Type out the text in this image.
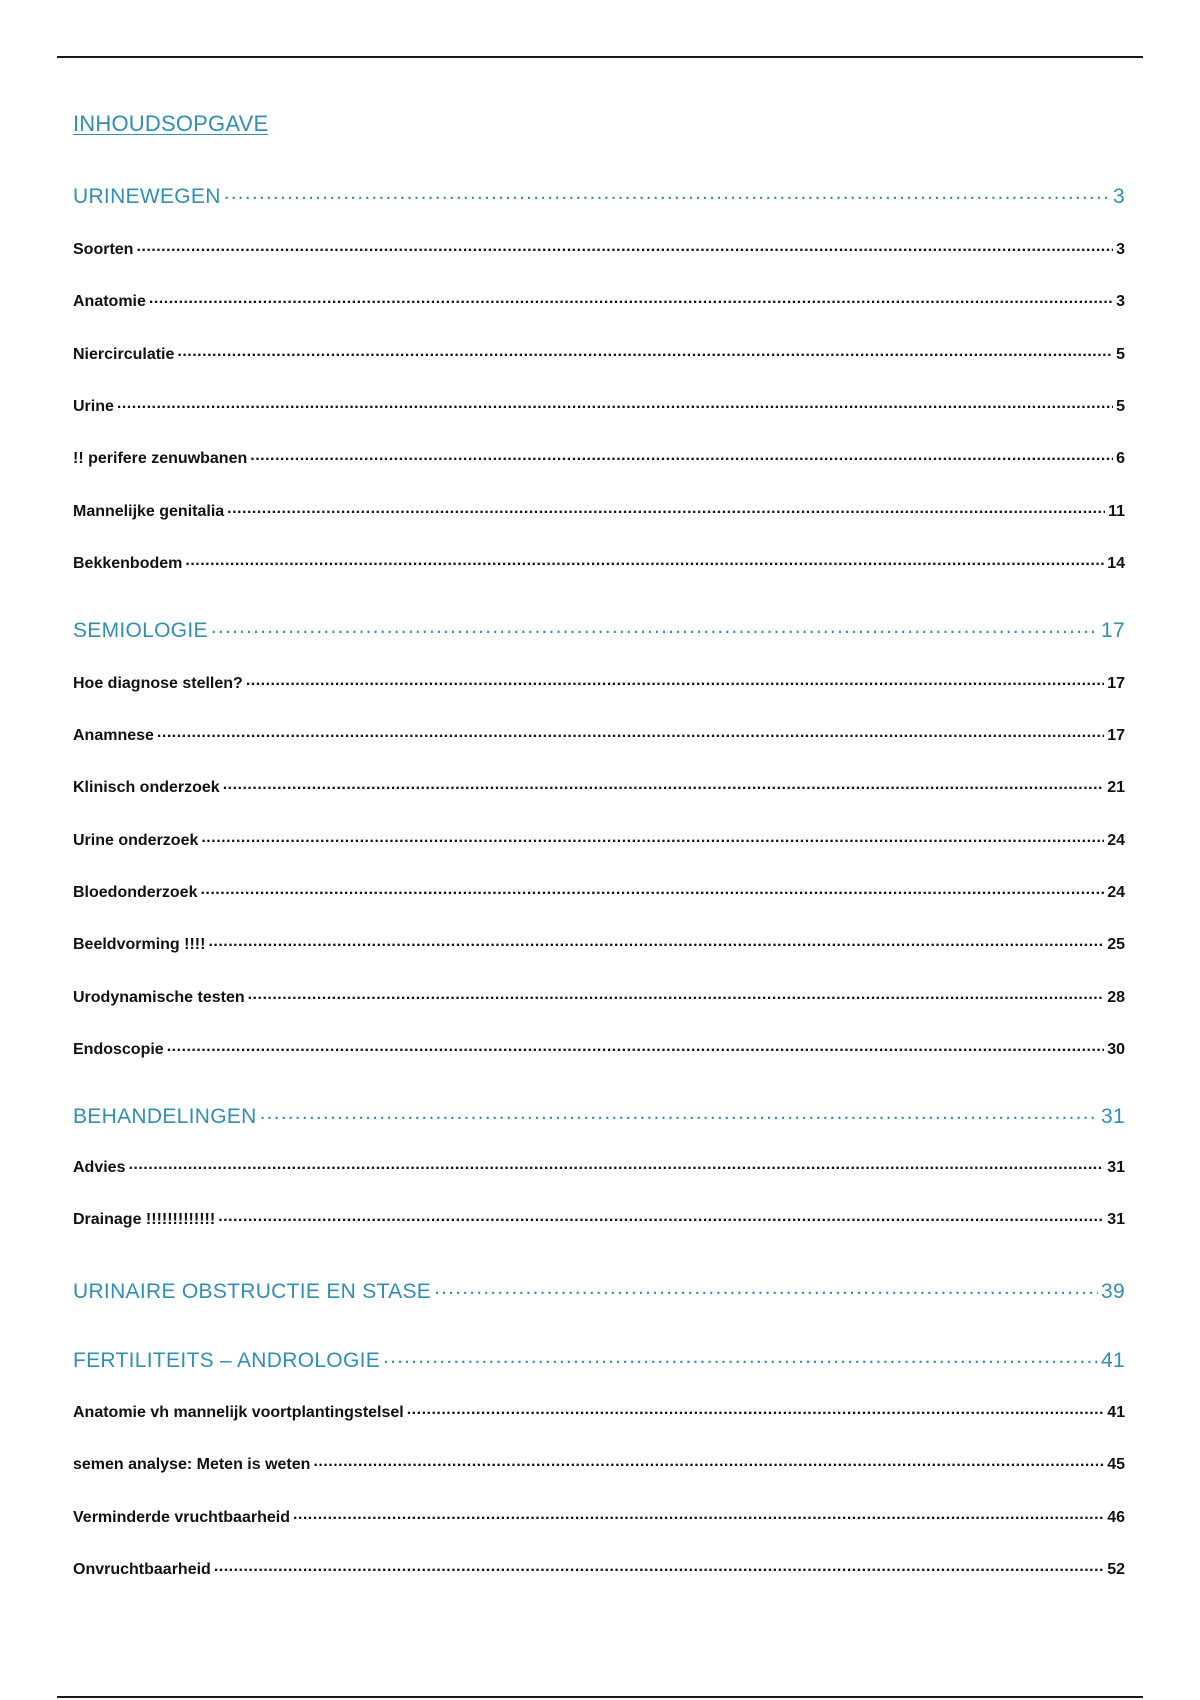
INHOUDSOPGAVE
URINEWEGEN .....	3
Soorten .....	3
Anatomie .....	3
Niercirculatie .....	5
Urine .....	5
!! perifere zenuwbanen .....	6
Mannelijke genitalia .....	11
Bekkenbodem .....	14
SEMIOLOGIE .....	17
Hoe diagnose stellen? .....	17
Anamnese .....	17
Klinisch onderzoek .....	21
Urine onderzoek .....	24
Bloedonderzoek .....	24
Beeldvorming !!!! .....	25
Urodynamische testen .....	28
Endoscopie .....	30
BEHANDELINGEN .....	31
Advies .....	31
Drainage !!!!!!!!!!!!! .....	31
URINAIRE OBSTRUCTIE EN STASE .....	39
FERTILITEITS – ANDROLOGIE .....	41
Anatomie vh mannelijk voortplantingstelsel .....	41
semen analyse: Meten is weten .....	45
Verminderde vruchtbaarheid .....	46
Onvruchtbaarheid .....	52
